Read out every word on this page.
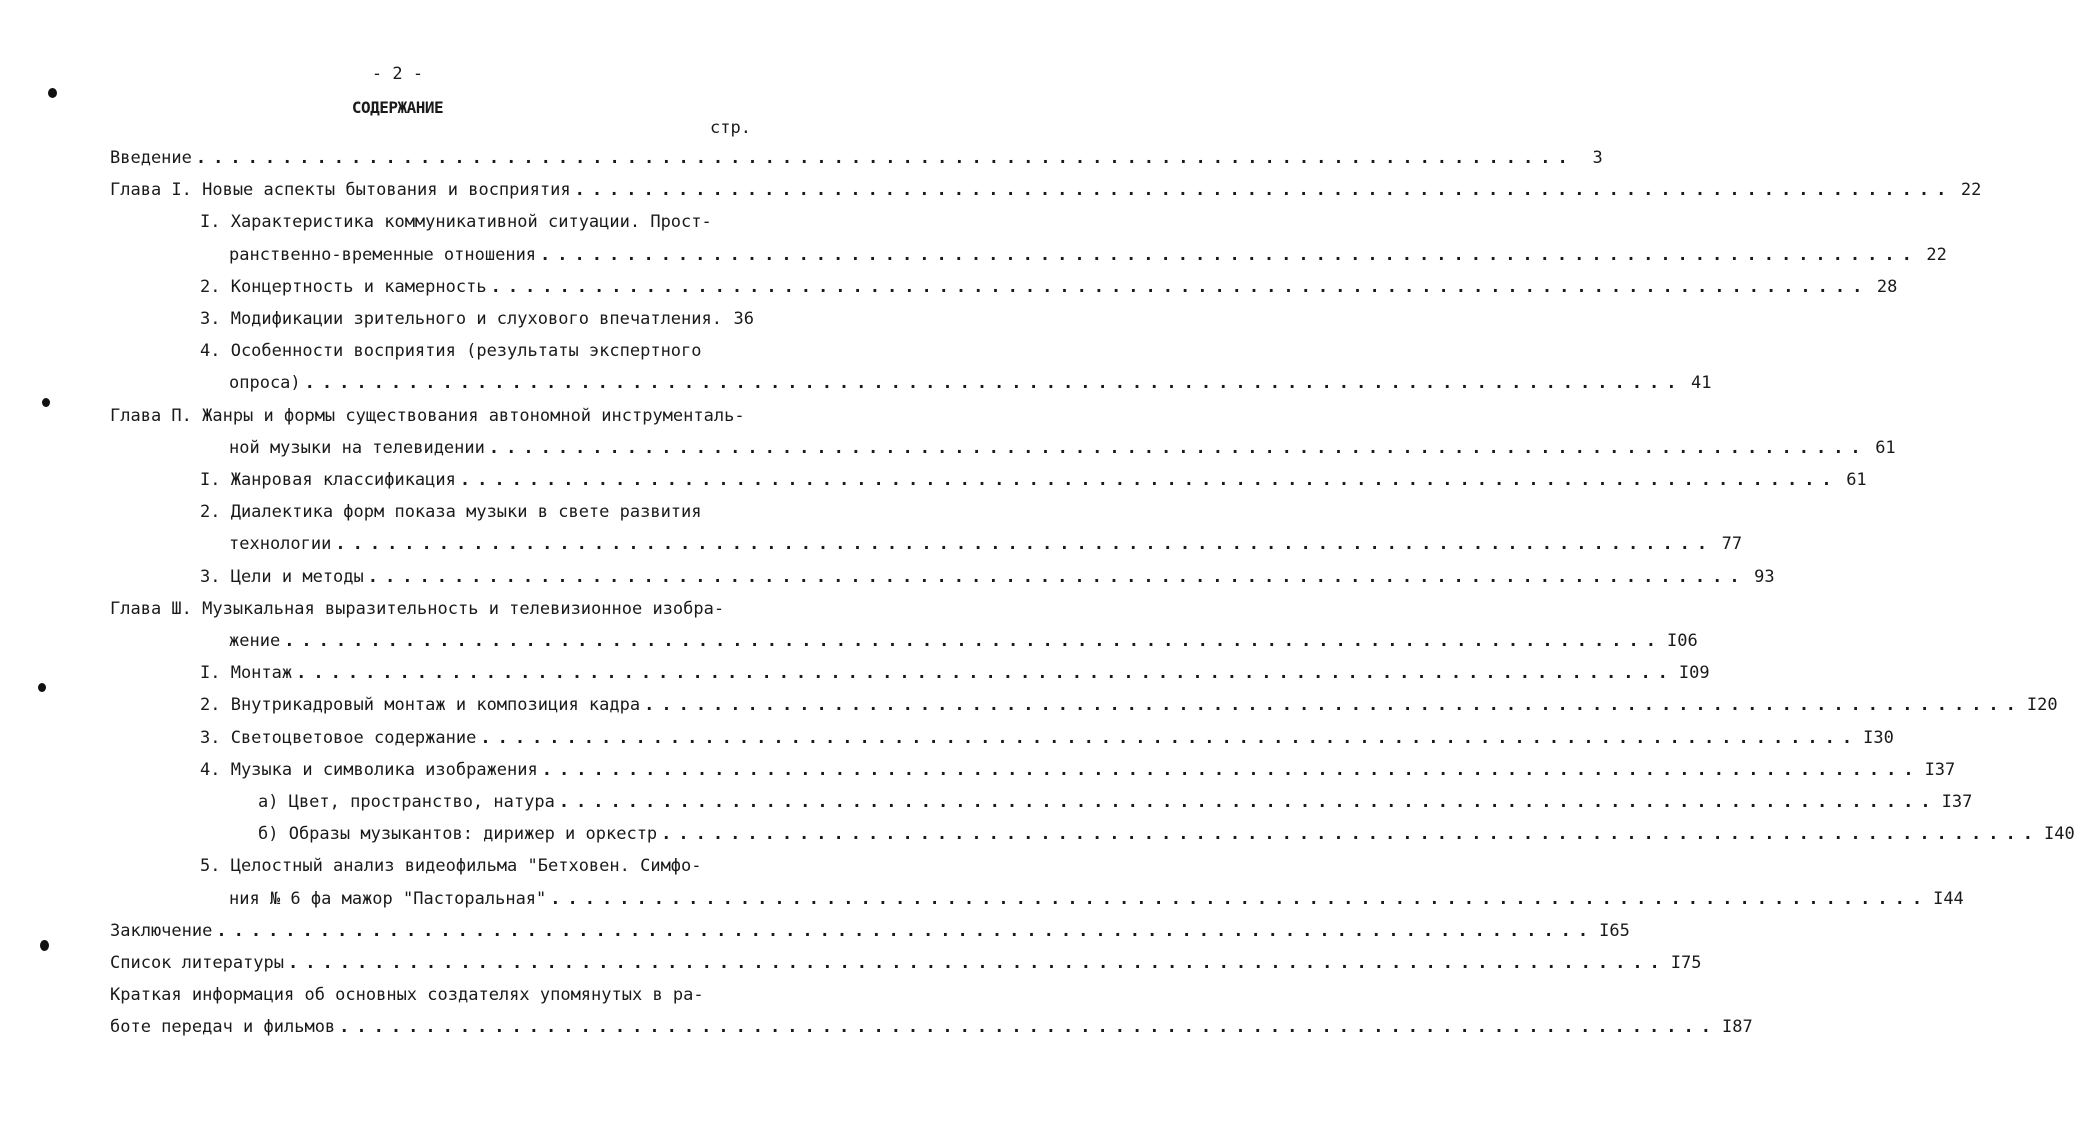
- 2 -
СОДЕРЖАНИЕ
стр.
Введение ................................................................................	3
Глава I. Новые аспекты бытования и восприятия ................................................................................ 22
I. Характеристика коммуникативной ситуации. Прост-
ранственно-временные отношения ................................................................................ 22
2. Концертность и камерность ................................................................................ 28
3. Модификации зрительного и слухового впечатления. 36
4. Особенности восприятия (результаты экспертного
опроса) ................................................................................ 41
Глава П. Жанры и формы существования автономной инструменталь-
ной музыки на телевидении ................................................................................ 61
I. Жанровая классификация ................................................................................ 61
2. Диалектика форм показа музыки в свете развития
технологии ................................................................................ 77
3. Цели и методы ................................................................................ 93
Глава Ш. Музыкальная выразительность и телевизионное изобра-
жение ................................................................................ I06
I. Монтаж ................................................................................ I09
2. Внутрикадровый монтаж и композиция кадра ................................................................................ I20
3. Светоцветовое содержание ................................................................................ I30
4. Музыка и символика изображения ................................................................................ I37
а) Цвет, пространство, натура ................................................................................ I37
б) Образы музыкантов: дирижер и оркестр ................................................................................ I40
5. Целостный анализ видеофильма "Бетховен. Симфо-
ния № 6 фа мажор "Пасторальная" ................................................................................ I44
Заключение ................................................................................ I65
Список литературы ................................................................................ I75
Краткая информация об основных создателях упомянутых в ра-
боте передач и фильмов ................................................................................ I87
